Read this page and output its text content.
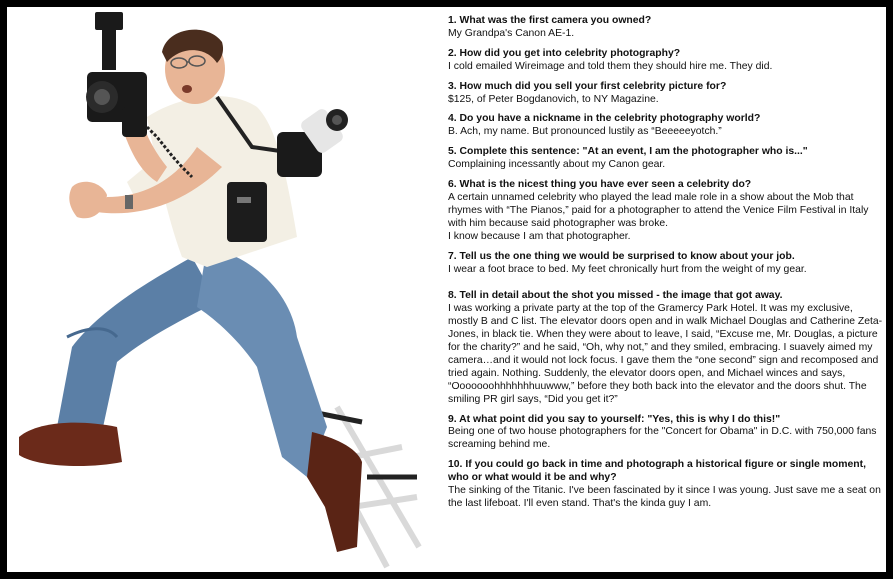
1. What was the first camera you owned?
My Grandpa's Canon AE-1.
2. How did you get into celebrity photography?
I cold emailed Wireimage and told them they should hire me. They did.
3. How much did you sell your first celebrity picture for?
$125, of Peter Bogdanovich, to NY Magazine.
4. Do you have a nickname in the celebrity photography world?
B. Ach, my name. But pronounced lustily as “Beeeeeyotch.”
5. Complete this sentence: "At an event, I am the photographer who is..."
Complaining incessantly about my Canon gear.
6. What is the nicest thing you have ever seen a celebrity do?
A certain unnamed celebrity who played the lead male role in a show about the Mob that rhymes with “The Pianos,” paid for a photographer to attend the Venice Film Festival in Italy with him because said photographer was broke.
I know because I am that photographer.
7. Tell us the one thing we would be surprised to know about your job.
I wear a foot brace to bed. My feet chronically hurt from the weight of my gear.
8. Tell in detail about the shot you missed - the image that got away.
I was working a private party at the top of the Gramercy Park Hotel. It was my exclusive, mostly B and C list. The elevator doors open and in walk Michael Douglas and Catherine Zeta-Jones, in black tie. When they were about to leave, I said, “Excuse me, Mr. Douglas, a picture for the charity?” and he said, “Oh, why not,” and they smiled, embracing. I suavely aimed my camera…and it would not lock focus. I gave them the “one second” sign and recomposed and tried again. Nothing. Suddenly, the elevator doors open, and Michael winces and says, “Ooooooohhhhhhhuuwww,” before they both back into the elevator and the doors shut. The smiling PR girl says, “Did you get it?”
9. At what point did you say to yourself: "Yes, this is why I do this!"
Being one of two house photographers for the "Concert for Obama" in D.C. with 750,000 fans screaming behind me.
10. If you could go back in time and photograph a historical figure or single moment, who or what would it be and why?
The sinking of the Titanic. I've been fascinated by it since I was young. Just save me a seat on the last lifeboat. I'll even stand. That's the kinda guy I am.
